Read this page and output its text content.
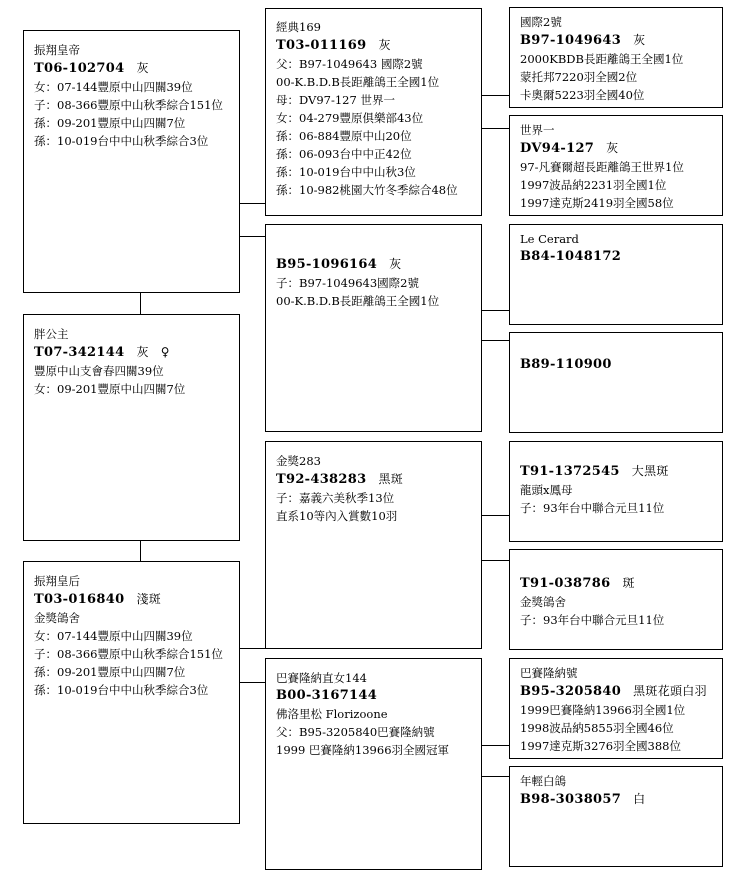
振翔皇帝
T06-102704 灰
女：07-144豐原中山四關39位
子：08-366豐原中山秋季綜合151位
孫：09-201豐原中山四關7位
孫：10-019台中中山秋季綜合3位
胖公主
T07-342144 灰 ♀
豐原中山支會春四關39位
女：09-201豐原中山四關7位
振翔皇后
T03-016840 淺斑
金獎鴿舍
女：07-144豐原中山四關39位
子：08-366豐原中山秋季綜合151位
孫：09-201豐原中山四關7位
孫：10-019台中中山秋季綜合3位
經典169
T03-011169 灰
父：B97-1049643 國際2號
00-K.B.D.B長距離鴿王全國1位
母：DV97-127 世界一
女：04-279豐原俱樂部43位
孫：06-884豐原中山20位
孫：06-093台中中正42位
孫：10-019台中中山秋3位
孫：10-982桃園大竹冬季綜合48位
B95-1096164 灰
子：B97-1049643國際2號
00-K.B.D.B長距離鴿王全國1位
金獎283
T92-438283 黑斑
子：嘉義六美秋季13位
直系10等內入賞數10羽
巴賽隆納直女144
B00-3167144
佛洛里松 Florizoone
父：B95-3205840巴賽隆納號
1999 巴賽隆納13966羽全國冠軍
國際2號
B97-1049643 灰
2000KBDB長距離鴿王全國1位
蒙托邦7220羽全國2位
卡奧爾5223羽全國40位
世界一
DV94-127 灰
97-凡賽爾超長距離鴿王世界1位
1997波品納2231羽全國1位
1997達克斯2419羽全國58位
Le Cerard
B84-1048172
B89-110900
T91-1372545 大黑斑
龍頭x鳳母
子：93年台中聯合元旦11位
T91-038786 斑
金獎鴿舍
子：93年台中聯合元旦11位
巴賽隆納號
B95-3205840 黑斑花頭白羽
1999巴賽隆納13966羽全國1位
1998波品納5855羽全國46位
1997達克斯3276羽全國388位
年輕白鴿
B98-3038057 白
